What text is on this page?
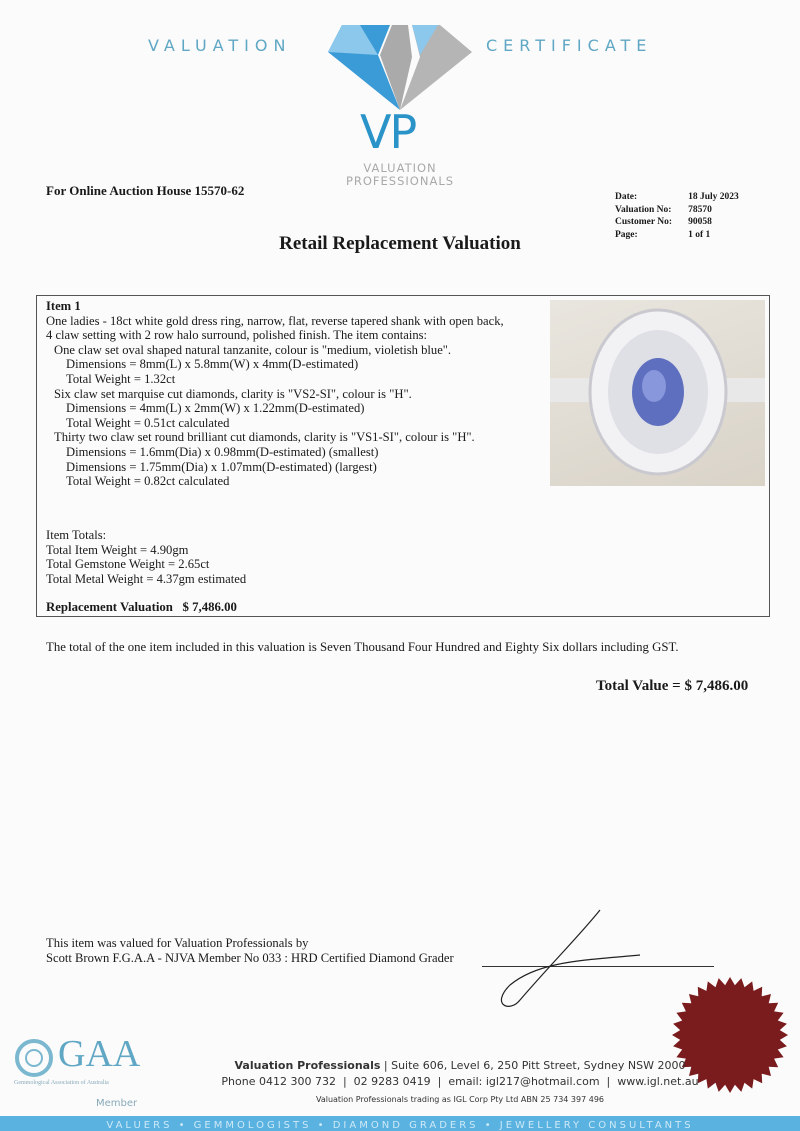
VALUATION	CERTIFICATE
VP
VALUATION
PROFESSIONALS
For Online Auction House 15570-62	Date:	18 July 2023
Valuation No:	78570
Customer No:	90058
Page:	1 of 1
Retail Replacement Valuation
Item 1
One ladies - 18ct white gold dress ring, narrow, flat, reverse tapered shank with open back,
4 claw setting with 2 row halo surround, polished finish. The item contains:
One claw set oval shaped natural tanzanite, colour is "medium, violetish blue".
Dimensions = 8mm(L) x 5.8mm(W) x 4mm(D-estimated)
Total Weight = 1.32ct
Six claw set marquise cut diamonds, clarity is "VS2-SI", colour is "H".
Dimensions = 4mm(L) x 2mm(W) x 1.22mm(D-estimated)
Total Weight = 0.51ct calculated
Thirty two claw set round brilliant cut diamonds, clarity is "VS1-SI", colour is "H".
Dimensions = 1.6mm(Dia) x 0.98mm(D-estimated) (smallest)
Dimensions = 1.75mm(Dia) x 1.07mm(D-estimated) (largest)
Total Weight = 0.82ct calculated
Item Totals:
Total Item Weight = 4.90gm
Total Gemstone Weight = 2.65ct
Total Metal Weight = 4.37gm estimated
Replacement Valuation   $ 7,486.00
The total of the one item included in this valuation is Seven Thousand Four Hundred and Eighty Six dollars including GST.
Total Value = $ 7,486.00
This item was valued for Valuation Professionals by
Scott Brown F.G.A.A - NJVA Member No 033 : HRD Certified Diamond Grader
GAA
Gemmological Association of Australia
Member
Valuation Professionals | Suite 606, Level 6, 250 Pitt Street, Sydney NSW 2000
Phone 0412 300 732  |  02 9283 0419  |  email: igl217@hotmail.com  |  www.igl.net.au
Valuation Professionals trading as IGL Corp Pty Ltd ABN 25 734 397 496
VALUERS • GEMMOLOGISTS • DIAMOND GRADERS • JEWELLERY CONSULTANTS
